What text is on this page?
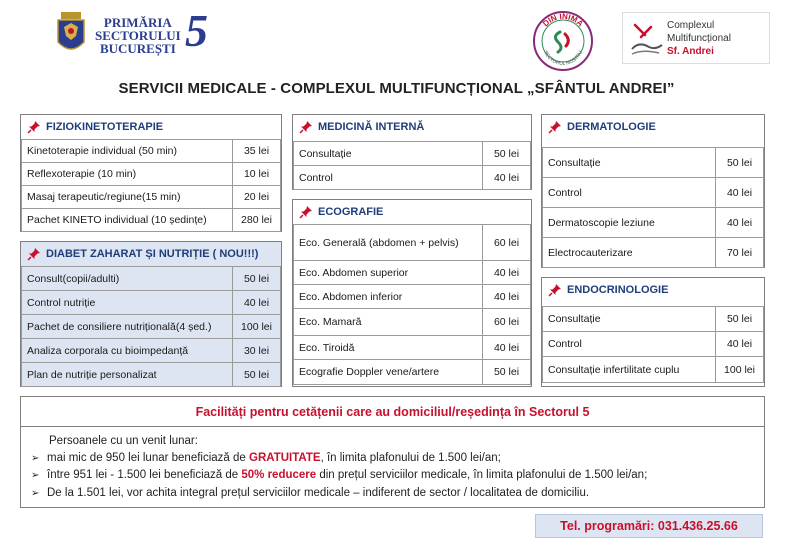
PRIMĂRIA
SECTORULUI
BUCUREȘTI 5	DIN INIMĂ
SECTORUL NOSTRU
Complexul
Multifuncțional
Sf. Andrei
SERVICII MEDICALE - COMPLEXUL MULTIFUNCȚIONAL „SFÂNTUL ANDREI”
FIZIOKINETOTERAPIE
Kinetoterapie individual (50 min)	35 lei
Reflexoterapie (10 min)	10 lei
Masaj terapeutic/regiune(15 min)	20 lei
Pachet KINETO individual (10 ședințe)	280 lei
DIABET ZAHARAT ȘI NUTRIȚIE ( NOU!!!)
Consult(copii/adulti)	50 lei
Control nutriție	40 lei
Pachet de consiliere nutrițională(4 șed.)	100 lei
Analiza corporala cu bioimpedanță	30 lei
Plan de nutriție personalizat	50 lei
MEDICINĂ INTERNĂ
Consultație	50 lei
Control	40 lei
ECOGRAFIE
Eco. Generală (abdomen + pelvis)	60 lei
Eco. Abdomen superior	40 lei
Eco. Abdomen inferior	40 lei
Eco. Mamară	60 lei
Eco. Tiroidă	40 lei
Ecografie Doppler vene/artere	50 lei
DERMATOLOGIE
Consultație	50 lei
Control	40 lei
Dermatoscopie leziune	40 lei
Electrocauterizare	70 lei
ENDOCRINOLOGIE
Consultație	50 lei
Control	40 lei
Consultație infertilitate cuplu	100 lei
Facilități pentru cetățenii care au domiciliul/reședința în Sectorul 5
Persoanele cu un venit lunar:
➢ mai mic de 950 lei lunar beneficiază de GRATUITATE, în limita plafonului de 1.500 lei/an;
➢ între 951 lei - 1.500 lei beneficiază de 50% reducere din prețul serviciilor medicale, în limita plafonului de 1.500 lei/an;
➢ De la 1.501 lei, vor achita integral prețul serviciilor medicale – indiferent de sector / localitatea de domiciliu.
Tel. programări: 031.436.25.66
